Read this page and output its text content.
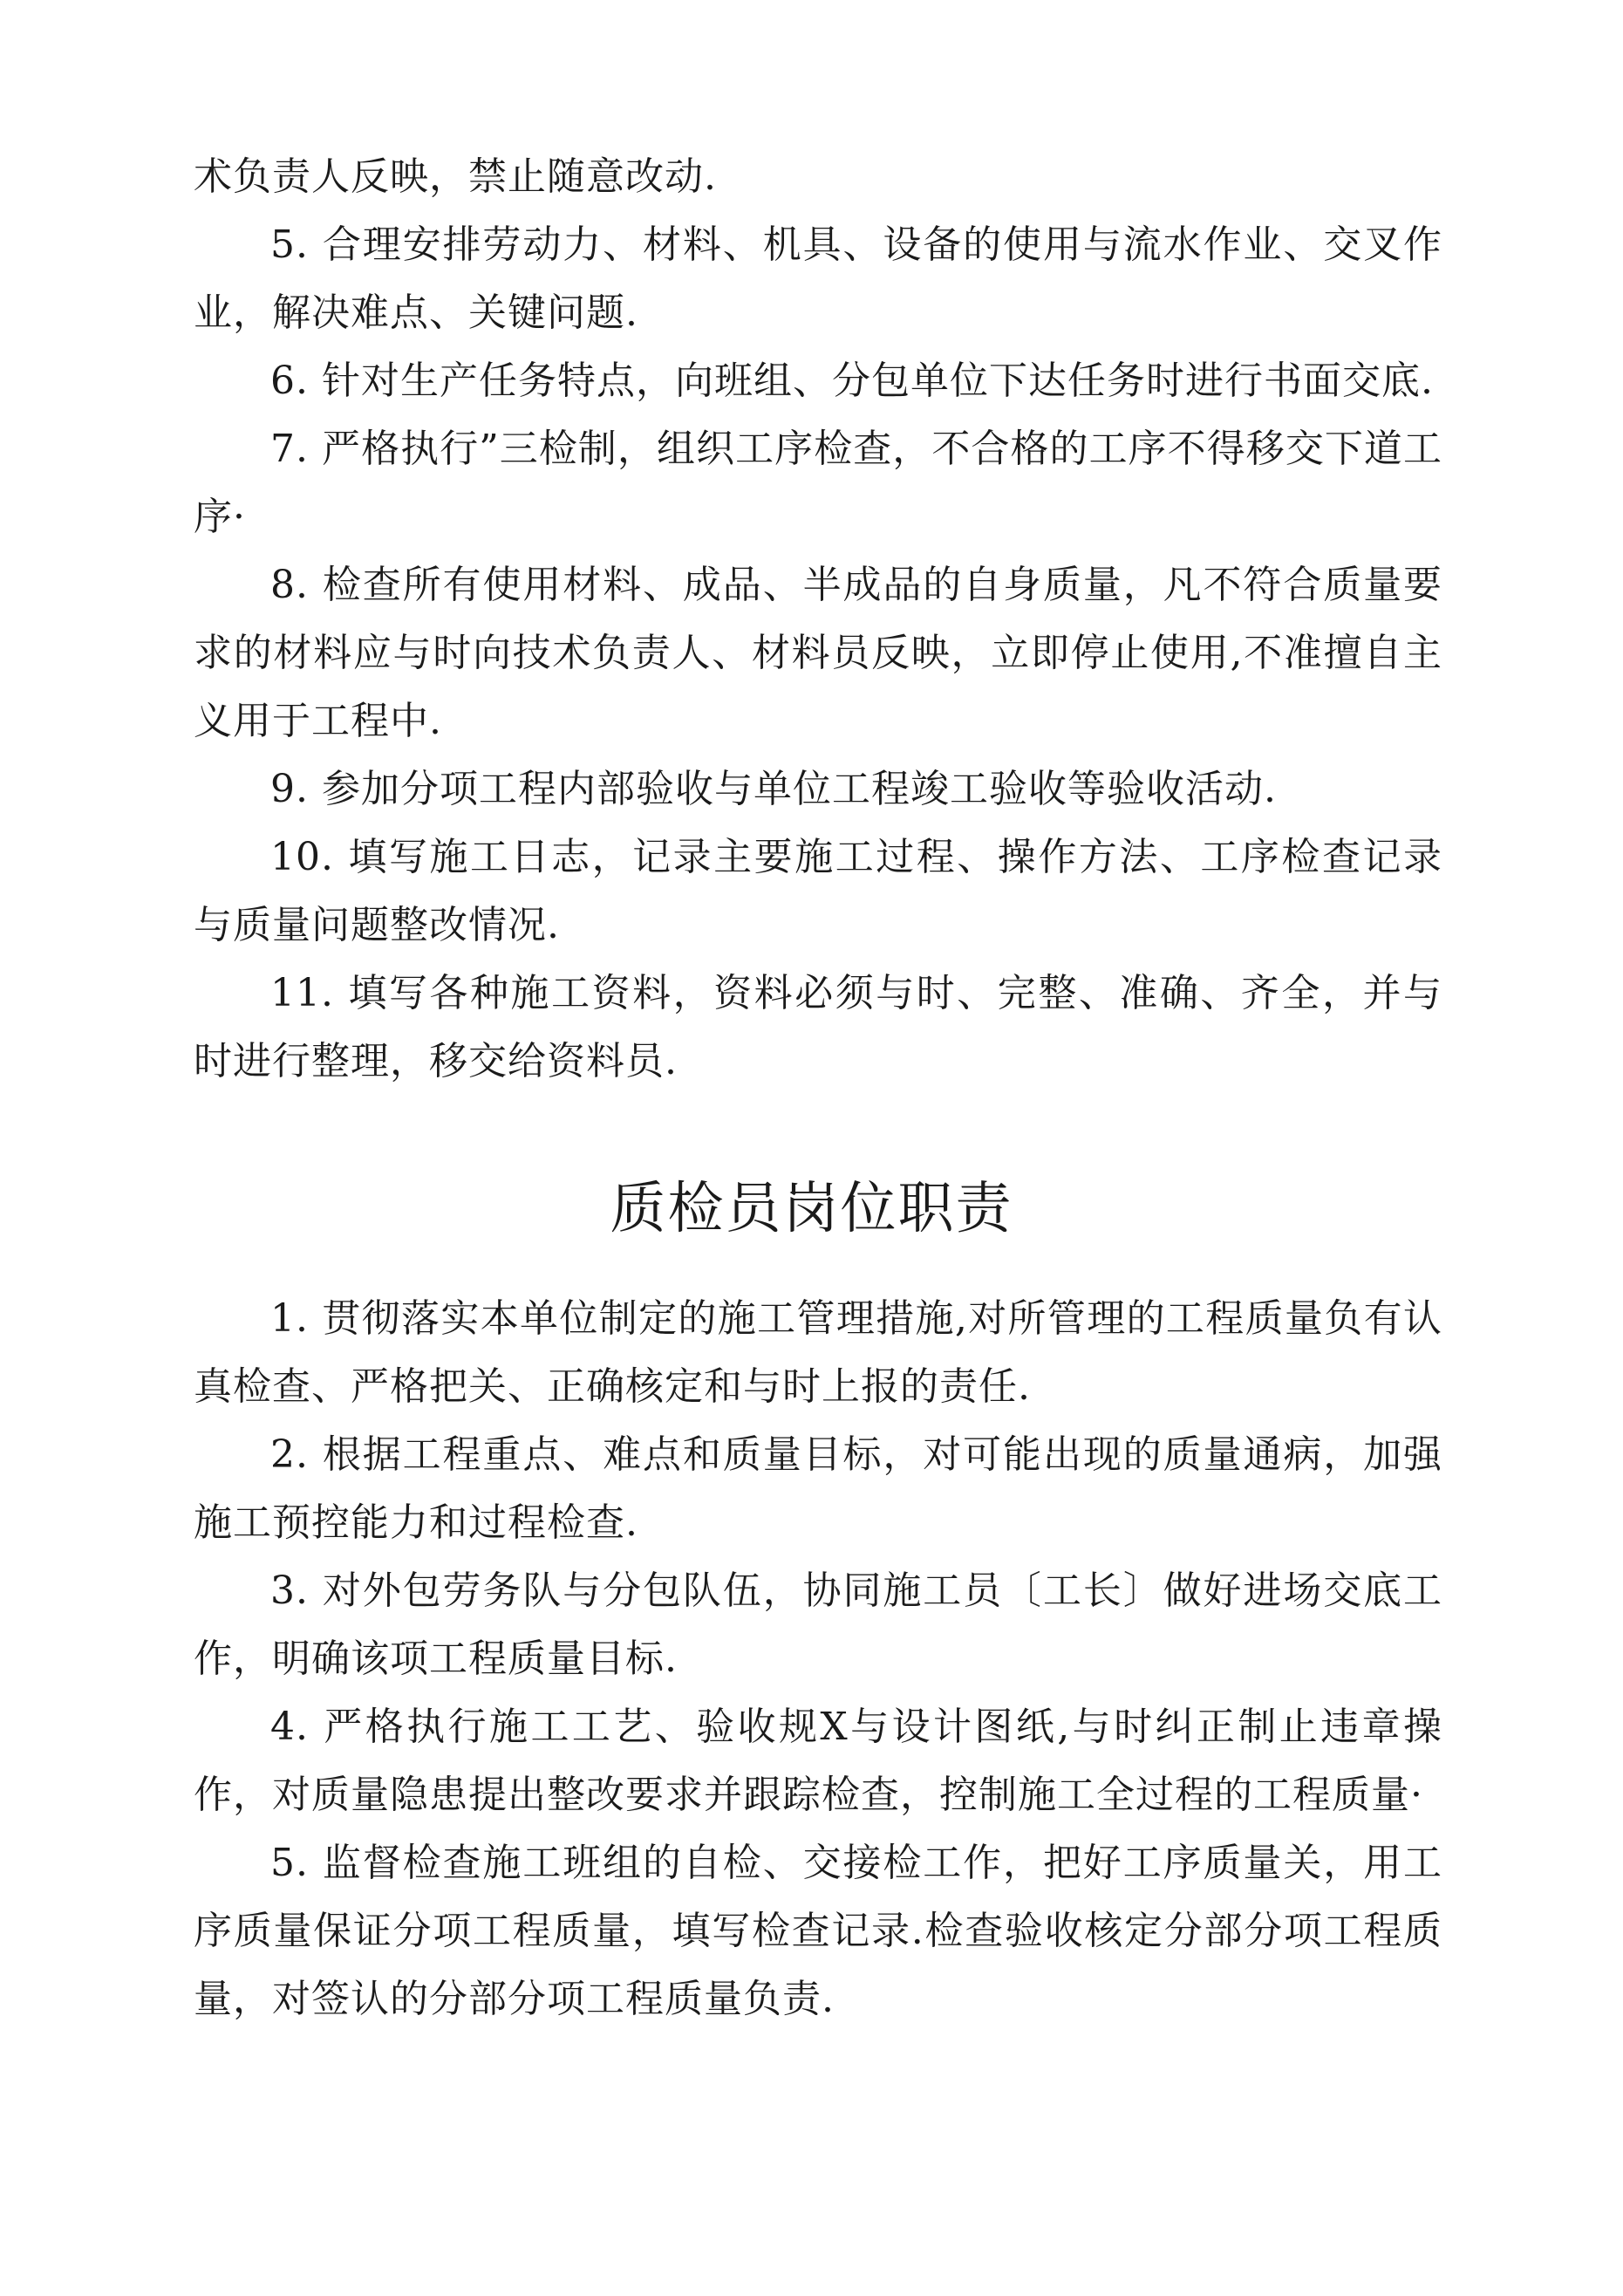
术负责人反映，禁止随意改动.

5. 合理安排劳动力、材料、机具、设备的使用与流水作业、交叉作业，解决难点、关键问题.

6. 针对生产任务特点，向班组、分包单位下达任务时进行书面交底.

7. 严格执行”三检制，组织工序检查，不合格的工序不得移交下道工序·

8. 检查所有使用材料、成品、半成品的自身质量，凡不符合质量要求的材料应与时向技术负责人、材料员反映，立即停止使用,不准擅自主义用于工程中.

9. 参加分项工程内部验收与单位工程竣工验收等验收活动.

10. 填写施工日志，记录主要施工过程、操作方法、工序检查记录与质量问题整改情况.

11. 填写各种施工资料，资料必须与时、完整、准确、齐全，并与时进行整理，移交给资料员.

质检员岗位职责

1. 贯彻落实本单位制定的施工管理措施,对所管理的工程质量负有认真检查、严格把关、正确核定和与时上报的责任.

2. 根据工程重点、难点和质量目标，对可能出现的质量通病，加强施工预控能力和过程检查.

3. 对外包劳务队与分包队伍，协同施工员〔工长〕做好进场交底工作，明确该项工程质量目标.

4. 严格执行施工工艺、验收规X与设计图纸,与时纠正制止违章操作，对质量隐患提出整改要求并跟踪检查，控制施工全过程的工程质量·

5. 监督检查施工班组的自检、交接检工作，把好工序质量关，用工序质量保证分项工程质量，填写检查记录.检查验收核定分部分项工程质量，对签认的分部分项工程质量负责.
